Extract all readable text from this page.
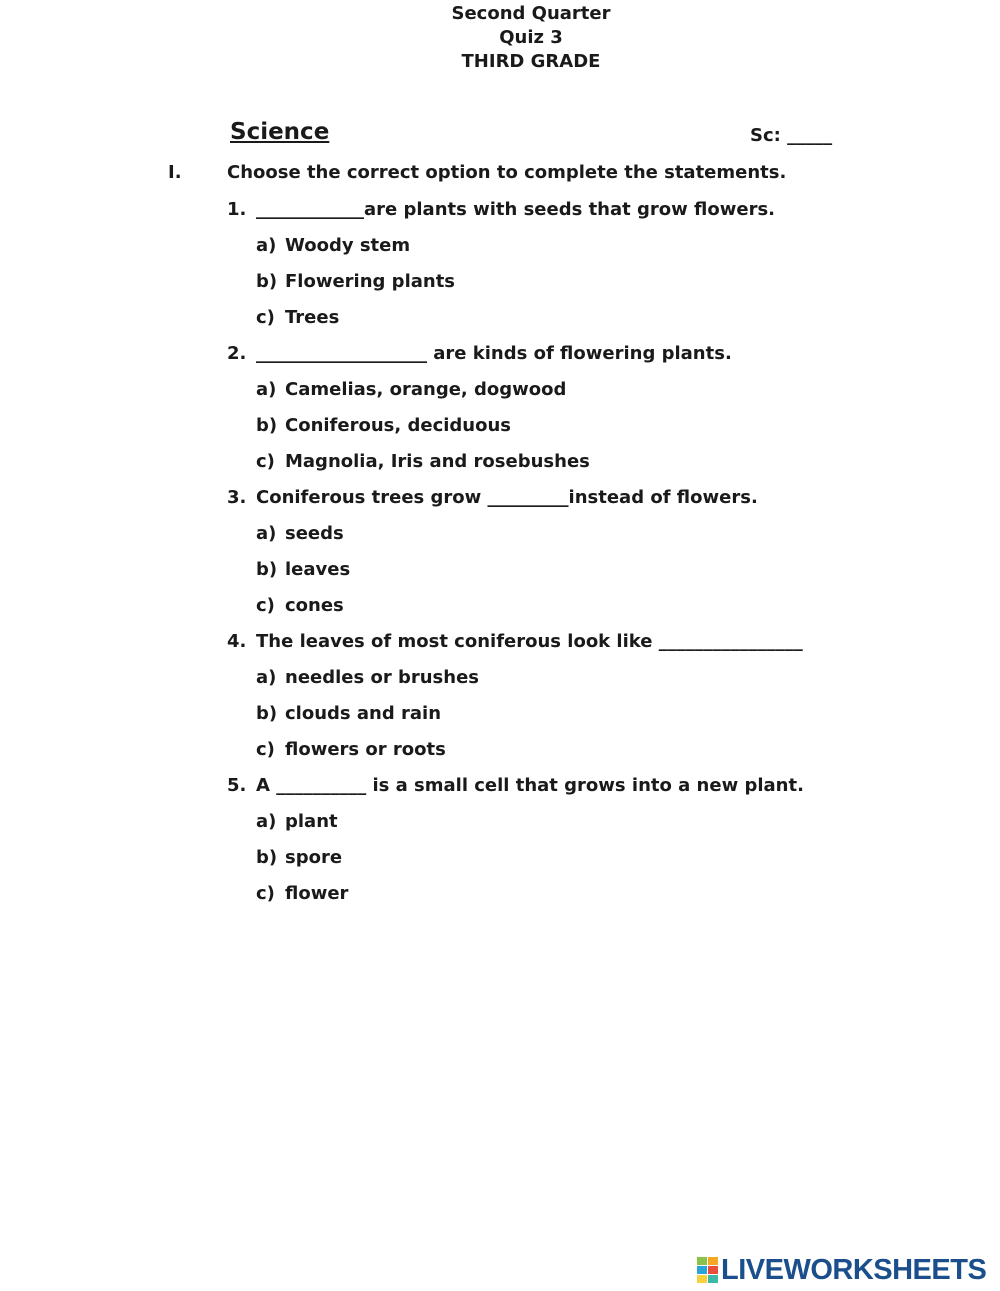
Second Quarter
Quiz 3
THIRD GRADE
Science	Sc: _____
I.	Choose the correct option to complete the statements.
1. ____________are plants with seeds that grow flowers.
a) Woody stem
b) Flowering plants
c) Trees
2. ___________________ are kinds of flowering plants.
a) Camelias, orange, dogwood
b) Coniferous, deciduous
c) Magnolia, Iris and rosebushes
3. Coniferous trees grow _________instead of flowers.
a) seeds
b) leaves
c) cones
4. The leaves of most coniferous look like ________________
a) needles or brushes
b) clouds and rain
c) flowers or roots
5. A __________ is a small cell that grows into a new plant.
a) plant
b) spore
c) flower
LIVEWORKSHEETS
